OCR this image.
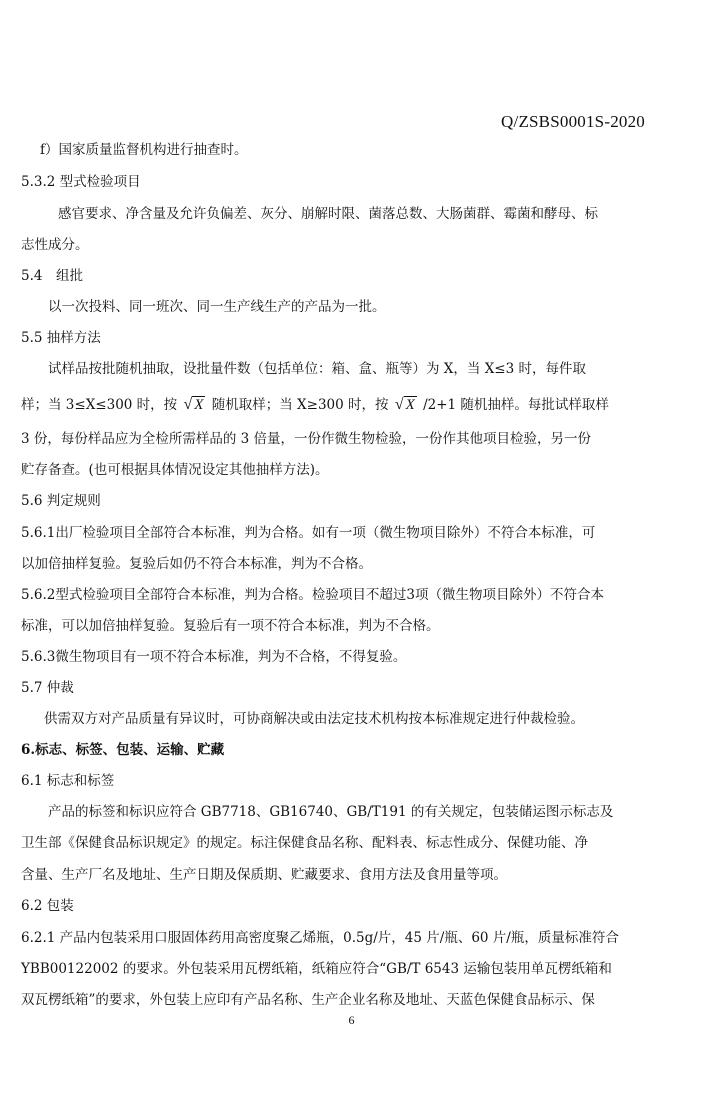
Q/ZSBS0001S-2020
f）国家质量监督机构进行抽查时。
5.3.2 型式检验项目
感官要求、净含量及允许负偏差、灰分、崩解时限、菌落总数、大肠菌群、霉菌和酵母、标
志性成分。
5.4　组批
以一次投料、同一班次、同一生产线生产的产品为一批。
5.5 抽样方法
试样品按批随机抽取，设批量件数（包括单位：箱、盒、瓶等）为 X，当 X≤3 时，每件取
样；当 3≤X≤300 时，按 √ X 随机取样；当 X≥300 时，按 √ X /2+1 随机抽样。每批试样取样
3 份，每份样品应为全检所需样品的 3 倍量，一份作微生物检验，一份作其他项目检验，另一份
贮存备查。(也可根据具体情况设定其他抽样方法)。
5.6 判定规则
5.6.1出厂检验项目全部符合本标准，判为合格。如有一项（微生物项目除外）不符合本标准，可
以加倍抽样复验。复验后如仍不符合本标准，判为不合格。
5.6.2型式检验项目全部符合本标准，判为合格。检验项目不超过3项（微生物项目除外）不符合本
标准，可以加倍抽样复验。复验后有一项不符合本标准，判为不合格。
5.6.3微生物项目有一项不符合本标准，判为不合格，不得复验。
5.7 仲裁
供需双方对产品质量有异议时，可协商解决或由法定技术机构按本标准规定进行仲裁检验。
6.标志、标签、包装、运输、贮藏
6.1 标志和标签
产品的标签和标识应符合 GB7718、GB16740、GB/T191 的有关规定，包装储运图示标志及
卫生部《保健食品标识规定》的规定。标注保健食品名称、配料表、标志性成分、保健功能、净
含量、生产厂名及地址、生产日期及保质期、贮藏要求、食用方法及食用量等项。
6.2 包装
6.2.1 产品内包装采用口服固体药用高密度聚乙烯瓶，0.5g/片，45 片/瓶、60 片/瓶，质量标准符合
YBB00122002 的要求。外包装采用瓦楞纸箱，纸箱应符合“GB/T 6543 运输包装用单瓦楞纸箱和
双瓦楞纸箱”的要求，外包装上应印有产品名称、生产企业名称及地址、天蓝色保健食品标示、保
6
